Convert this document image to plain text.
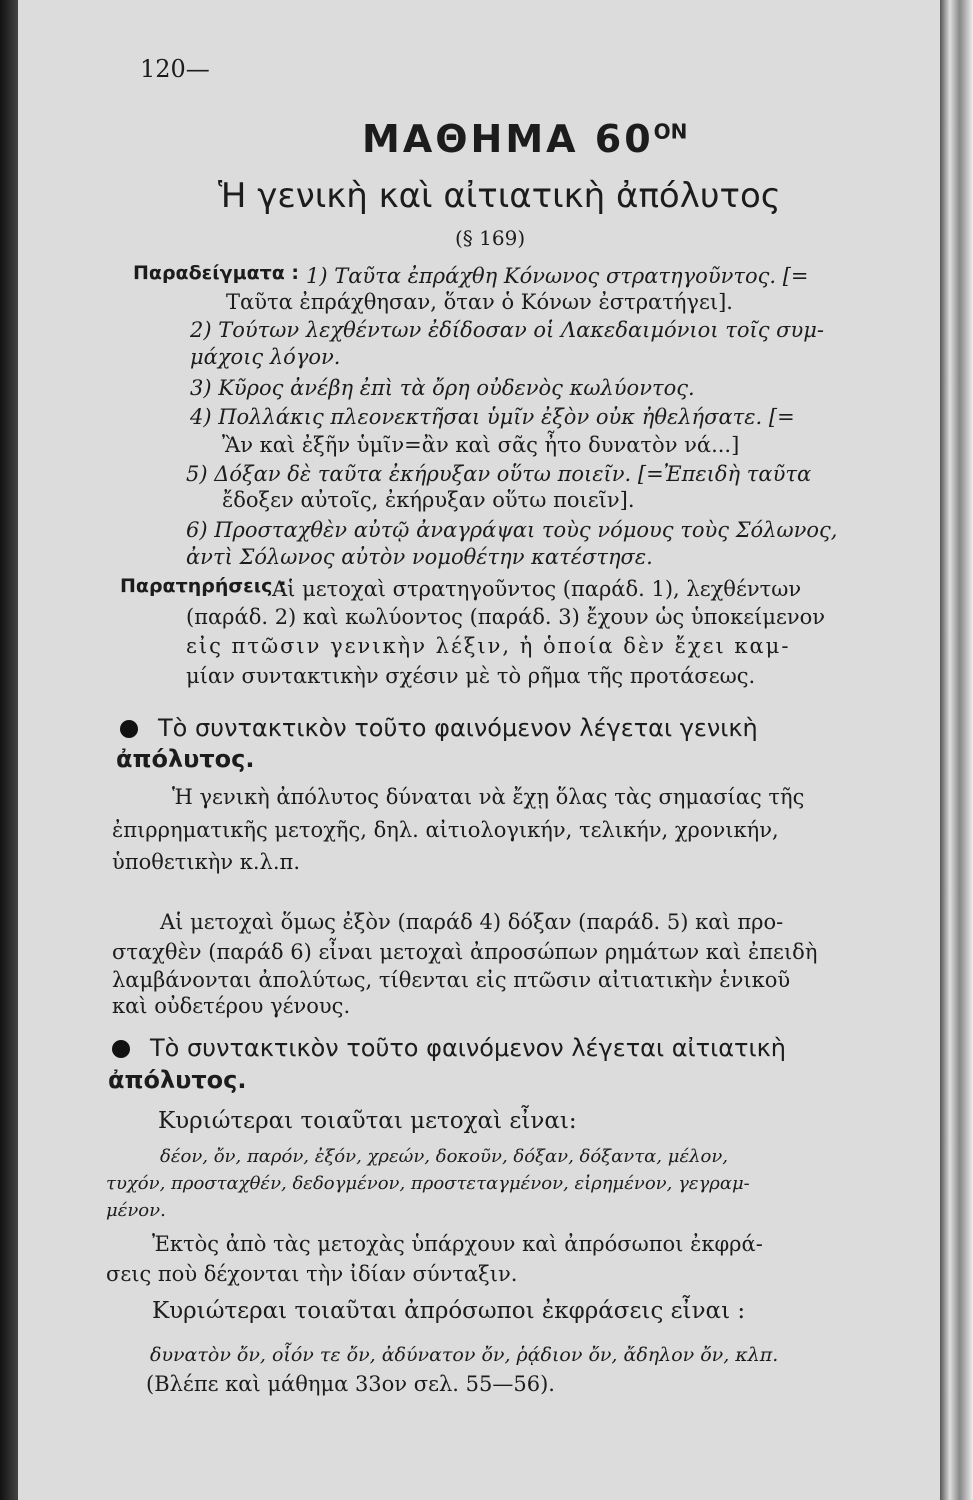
120—
ΜΑΘΗΜΑ $60^{ON}$
Ἡ γενικὴ καὶ αἰτιατικὴ ἀπόλυτος
(§ 169)
Παραδείγματα : 1) Ταῦτα ἐπράχθη Κόνωνος στρατηγοῦντος. [=
Ταῦτα ἐπράχθησαν, ὅταν ὁ Κόνων ἐστρατήγει].
2) Τούτων λεχθέντων ἐδίδοσαν οἱ Λακεδαιμόνιοι τοῖς συμ-
μάχοις λόγον.
3) Κῦρος ἀνέβη ἐπὶ τὰ ὄρη οὐδενὸς κωλύοντος.
4) Πολλάκις πλεονεκτῆσαι ὑμῖν ἐξὸν οὐκ ἠθελήσατε. [=
Ἂν καὶ ἐξῆν ὑμῖν=ἂν καὶ σᾶς ἦτο δυνατὸν νά...]
5) Δόξαν δὲ ταῦτα ἐκήρυξαν οὕτω ποιεῖν. [=Ἐπειδὴ ταῦτα
ἔδοξεν αὐτοῖς, ἐκήρυξαν οὕτω ποιεῖν].
6) Προσταχθὲν αὐτῷ ἀναγράψαι τοὺς νόμους τοὺς Σόλωνος,
ἀντὶ Σόλωνος αὐτὸν νομοθέτην κατέστησε.
Παρατηρήσεις :
Αἱ μετοχαὶ στρατηγοῦντος (παράδ. 1), λεχθέντων
(παράδ. 2) καὶ κωλύοντος (παράδ. 3) ἔχουν ὡς ὑποκείμενον
εἰς πτῶσιν γενικὴν λέξιν, ἡ ὁποία δὲν ἔχει καμ-
μίαν συντακτικὴν σχέσιν μὲ τὸ ρῆμα τῆς προτάσεως.
Τὸ συντακτικὸν τοῦτο φαινόμενον λέγεται γενικὴ
ἀπόλυτος.
Ἡ γενικὴ ἀπόλυτος δύναται νὰ ἔχῃ ὅλας τὰς σημασίας τῆς
ἐπιρρηματικῆς μετοχῆς, δηλ. αἰτιολογικήν, τελικήν, χρονικήν,
ὑποθετικὴν κ.λ.π.
Αἱ μετοχαὶ ὅμως ἐξὸν (παράδ 4) δόξαν (παράδ. 5) καὶ προ-
σταχθὲν (παράδ 6) εἶναι μετοχαὶ ἀπροσώπων ρημάτων καὶ ἐπειδὴ
λαμβάνονται ἀπολύτως, τίθενται εἰς πτῶσιν αἰτιατικὴν ἑνικοῦ
καὶ οὐδετέρου γένους.
Τὸ συντακτικὸν τοῦτο φαινόμενον λέγεται αἰτιατικὴ
ἀπόλυτος.
Κυριώτεραι τοιαῦται μετοχαὶ εἶναι:
δέον, ὄν, παρόν, ἐξόν, χρεών, δοκοῦν, δόξαν, δόξαντα, μέλον,
τυχόν, προσταχθέν, δεδογμένον, προστεταγμένον, εἰρημένον, γεγραμ-
μένον.
Ἐκτὸς ἀπὸ τὰς μετοχὰς ὑπάρχουν καὶ ἀπρόσωποι ἐκφρά-
σεις ποὺ δέχονται τὴν ἰδίαν σύνταξιν.
Κυριώτεραι τοιαῦται ἀπρόσωποι ἐκφράσεις εἶναι :
δυνατὸν ὄν, οἷόν τε ὄν, ἀδύνατον ὄν, ῥᾴδιον ὄν, ἄδηλον ὄν, κλπ.
(Βλέπε καὶ μάθημα 33ον σελ. 55—56).
